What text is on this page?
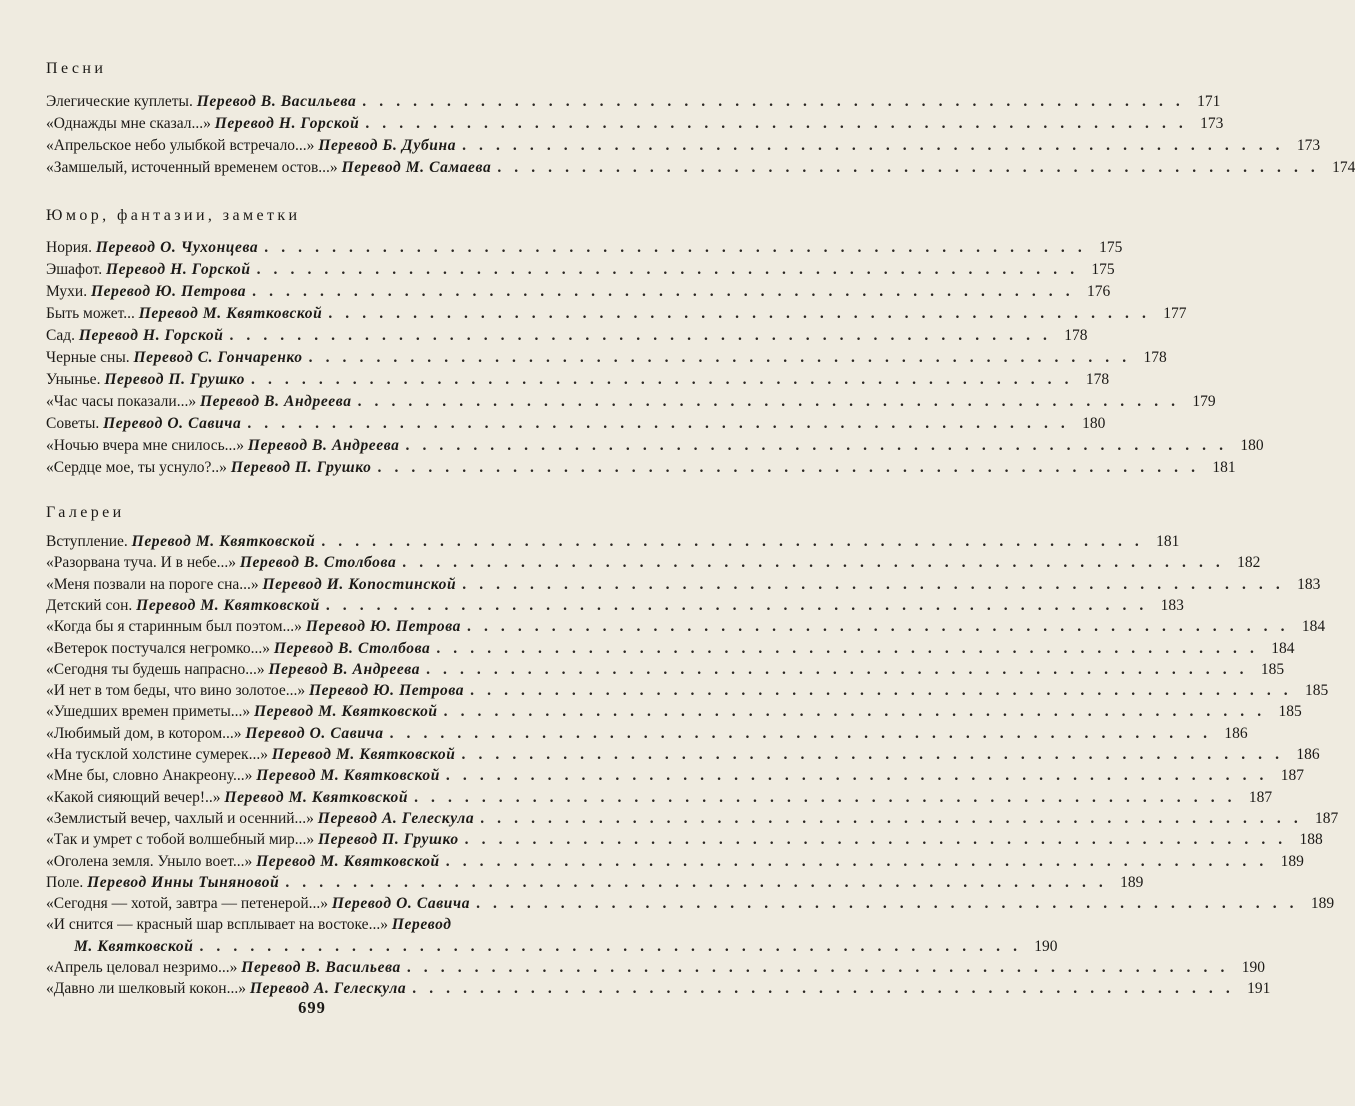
Песни
Элегические куплеты.
Перевод В. Васильева . . . . . . . . . . . . . . . . . . . . . . . . . . . . . . . . . . . . . . . . . . . . . . . . . 171
«Однажды мне сказал...»
Перевод Н. Горской . . . . . . . . . . . . . . . . . . . . . . . . . . . . . . . . . . . . . . . . . . . . . . . . . 173
«Апрельское небо улыбкой встречало...»
Перевод Б. Дубина . . . . . . . . . . . . . . . . . . . . . . . . . . . . . . . . . . . . . . . . . . . . . . . . . 173
«Замшелый, источенный временем остов...»
Перевод М. Самаева . . . . . . . . . . . . . . . . . . . . . . . . . . . . . . . . . . . . . . . . . . . . . . . . . 174
Юмор, фантазии, заметки
Нория.
Перевод О. Чухонцева . . . . . . . . . . . . . . . . . . . . . . . . . . . . . . . . . . . . . . . . . . . . . . . . . 175
Эшафот.
Перевод Н. Горской . . . . . . . . . . . . . . . . . . . . . . . . . . . . . . . . . . . . . . . . . . . . . . . . . 175
Мухи.
Перевод Ю. Петрова . . . . . . . . . . . . . . . . . . . . . . . . . . . . . . . . . . . . . . . . . . . . . . . . . 176
Быть может...
Перевод М. Квятковской . . . . . . . . . . . . . . . . . . . . . . . . . . . . . . . . . . . . . . . . . . . . . . . . . 177
Сад.
Перевод Н. Горской . . . . . . . . . . . . . . . . . . . . . . . . . . . . . . . . . . . . . . . . . . . . . . . . . 178
Черные сны.
Перевод С. Гончаренко . . . . . . . . . . . . . . . . . . . . . . . . . . . . . . . . . . . . . . . . . . . . . . . . . 178
Унынье.
Перевод П. Грушко . . . . . . . . . . . . . . . . . . . . . . . . . . . . . . . . . . . . . . . . . . . . . . . . . 178
«Час часы показали...»
Перевод В. Андреева . . . . . . . . . . . . . . . . . . . . . . . . . . . . . . . . . . . . . . . . . . . . . . . . . 179
Советы.
Перевод О. Савича . . . . . . . . . . . . . . . . . . . . . . . . . . . . . . . . . . . . . . . . . . . . . . . . . 180
«Ночью вчера мне снилось...»
Перевод В. Андреева . . . . . . . . . . . . . . . . . . . . . . . . . . . . . . . . . . . . . . . . . . . . . . . . . 180
«Сердце мое, ты уснуло?..»
Перевод П. Грушко . . . . . . . . . . . . . . . . . . . . . . . . . . . . . . . . . . . . . . . . . . . . . . . . . 181
Галереи
Вступление.
Перевод М. Квятковской . . . . . . . . . . . . . . . . . . . . . . . . . . . . . . . . . . . . . . . . . . . . . . . . . 181
«Разорвана туча. И в небе...»
Перевод В. Столбова . . . . . . . . . . . . . . . . . . . . . . . . . . . . . . . . . . . . . . . . . . . . . . . . . 182
«Меня позвали на пороге сна...»
Перевод И. Копостинской . . . . . . . . . . . . . . . . . . . . . . . . . . . . . . . . . . . . . . . . . . . . . . . . . 183
Детский сон.
Перевод М. Квятковской . . . . . . . . . . . . . . . . . . . . . . . . . . . . . . . . . . . . . . . . . . . . . . . . . 183
«Когда бы я старинным был поэтом...»
Перевод Ю. Петрова . . . . . . . . . . . . . . . . . . . . . . . . . . . . . . . . . . . . . . . . . . . . . . . . . 184
«Ветерок постучался негромко...»
Перевод В. Столбова . . . . . . . . . . . . . . . . . . . . . . . . . . . . . . . . . . . . . . . . . . . . . . . . . 184
«Сегодня ты будешь напрасно...»
Перевод В. Андреева . . . . . . . . . . . . . . . . . . . . . . . . . . . . . . . . . . . . . . . . . . . . . . . . . 185
«И нет в том беды, что вино золотое...»
Перевод Ю. Петрова . . . . . . . . . . . . . . . . . . . . . . . . . . . . . . . . . . . . . . . . . . . . . . . . . 185
«Ушедших времен приметы...»
Перевод М. Квятковской . . . . . . . . . . . . . . . . . . . . . . . . . . . . . . . . . . . . . . . . . . . . . . . . . 185
«Любимый дом, в котором...»
Перевод О. Савича . . . . . . . . . . . . . . . . . . . . . . . . . . . . . . . . . . . . . . . . . . . . . . . . . 186
«На тусклой холстине сумерек...»
Перевод М. Квятковской . . . . . . . . . . . . . . . . . . . . . . . . . . . . . . . . . . . . . . . . . . . . . . . . . 186
«Мне бы, словно Анакреону...»
Перевод М. Квятковской . . . . . . . . . . . . . . . . . . . . . . . . . . . . . . . . . . . . . . . . . . . . . . . . . 187
«Какой сияющий вечер!..»
Перевод М. Квятковской . . . . . . . . . . . . . . . . . . . . . . . . . . . . . . . . . . . . . . . . . . . . . . . . . 187
«Землистый вечер, чахлый и осенний...»
Перевод А. Гелескула . . . . . . . . . . . . . . . . . . . . . . . . . . . . . . . . . . . . . . . . . . . . . . . . . 187
«Так и умрет с тобой волшебный мир...»
Перевод П. Грушко . . . . . . . . . . . . . . . . . . . . . . . . . . . . . . . . . . . . . . . . . . . . . . . . . 188
«Оголена земля. Уныло воет...»
Перевод М. Квятковской . . . . . . . . . . . . . . . . . . . . . . . . . . . . . . . . . . . . . . . . . . . . . . . . . 189
Поле.
Перевод Инны Тыняновой . . . . . . . . . . . . . . . . . . . . . . . . . . . . . . . . . . . . . . . . . . . . . . . . . 189
«Сегодня — хотой, завтра — петенерой...»
Перевод О. Савича . . . . . . . . . . . . . . . . . . . . . . . . . . . . . . . . . . . . . . . . . . . . . . . . . 189
«И снится — красный шар всплывает на востоке...»
Перевод
М. Квятковской . . . . . . . . . . . . . . . . . . . . . . . . . . . . . . . . . . . . . . . . . . . . . . . . . 190
«Апрель целовал незримо...»
Перевод В. Васильева . . . . . . . . . . . . . . . . . . . . . . . . . . . . . . . . . . . . . . . . . . . . . . . . . 190
699
«Давно ли шелковый кокон...»
Перевод А. Гелескула . . . . . . . . . . . . . . . . . . . . . . . . . . . . . . . . . . . . . . . . . . . . . . . . . 191
